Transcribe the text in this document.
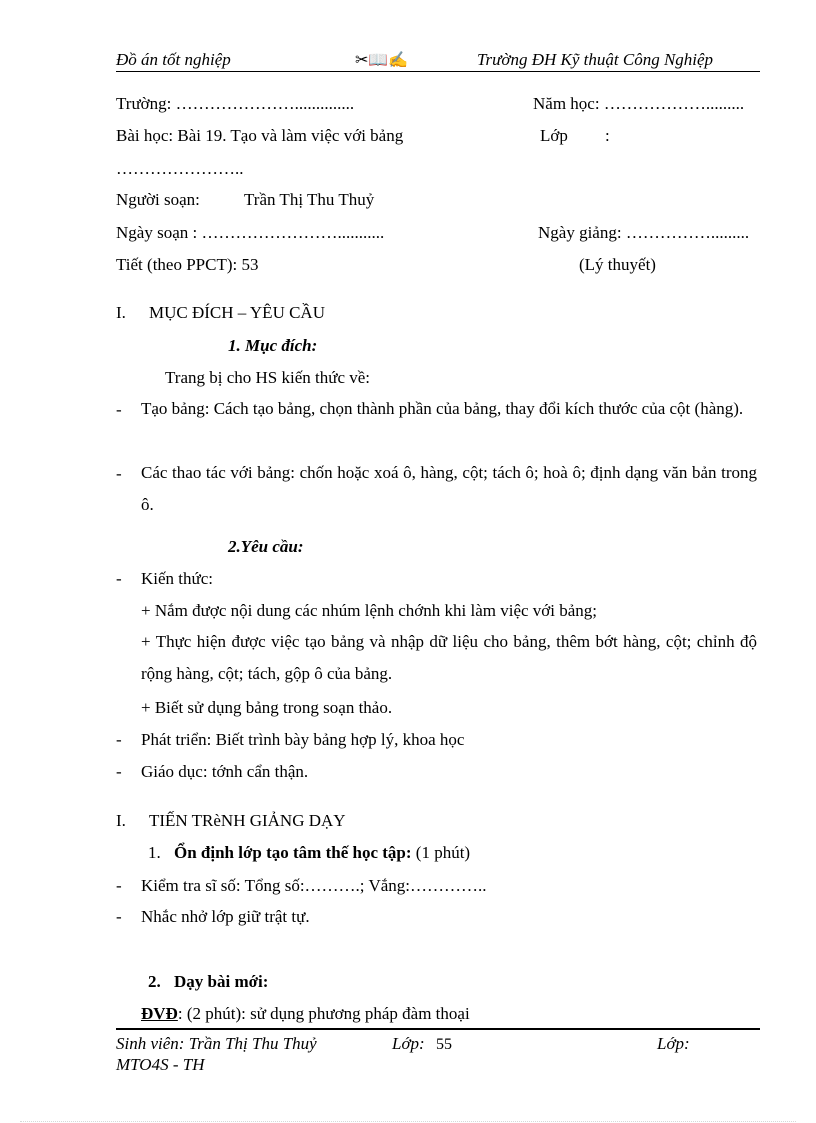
Đồ án tốt nghiệp	✂📖✍	Trường ĐH Kỹ thuật Công Nghiệp
Trường: …………………..............	Năm học: ……………….........
Bài học: Bài 19. Tạo và làm việc với bảng	Lớp :
…………………..
Người soạn:	Trần Thị Thu Thuỷ
Ngày soạn : ……………………...........	Ngày giảng: …………….........
Tiết (theo PPCT): 53	(Lý thuyết)
I. MỤC ĐÍCH – YÊU CẦU
1. Mục đích:
Trang bị cho HS kiến thức về:
- Tạo bảng: Cách tạo bảng, chọn thành phần của bảng, thay đổi kích thước của cột (hàng).
- Các thao tác với bảng: chốn hoặc xoá ô, hàng, cột; tách ô; hoà ô; định dạng văn bản trong ô.
2.Yêu cầu:
- Kiến thức:
+ Nắm được nội dung các nhúm lệnh chớnh khi làm việc với bảng;
+ Thực hiện được việc tạo bảng và nhập dữ liệu cho bảng, thêm bớt hàng, cột; chỉnh độ rộng hàng, cột; tách, gộp ô của bảng.
+ Biết sử dụng bảng trong soạn thảo.
- Phát triển: Biết trình bày bảng hợp lý, khoa học
- Giáo dục: tớnh cẩn thận.
I. TIẾN TRèNH GIẢNG DẠY
1. Ổn định lớp tạo tâm thế học tập: (1 phút)
- Kiểm tra sĩ số: Tổng số:……….; Vắng:…………..
- Nhắc nhở lớp giữ trật tự.
2. Dạy bài mới:
ĐVĐ: (2 phút): sử dụng phương pháp đàm thoại
Sinh viên: Trần Thị Thu Thuỷ	Lớp: 55	Lớp:
MTO4S - TH
